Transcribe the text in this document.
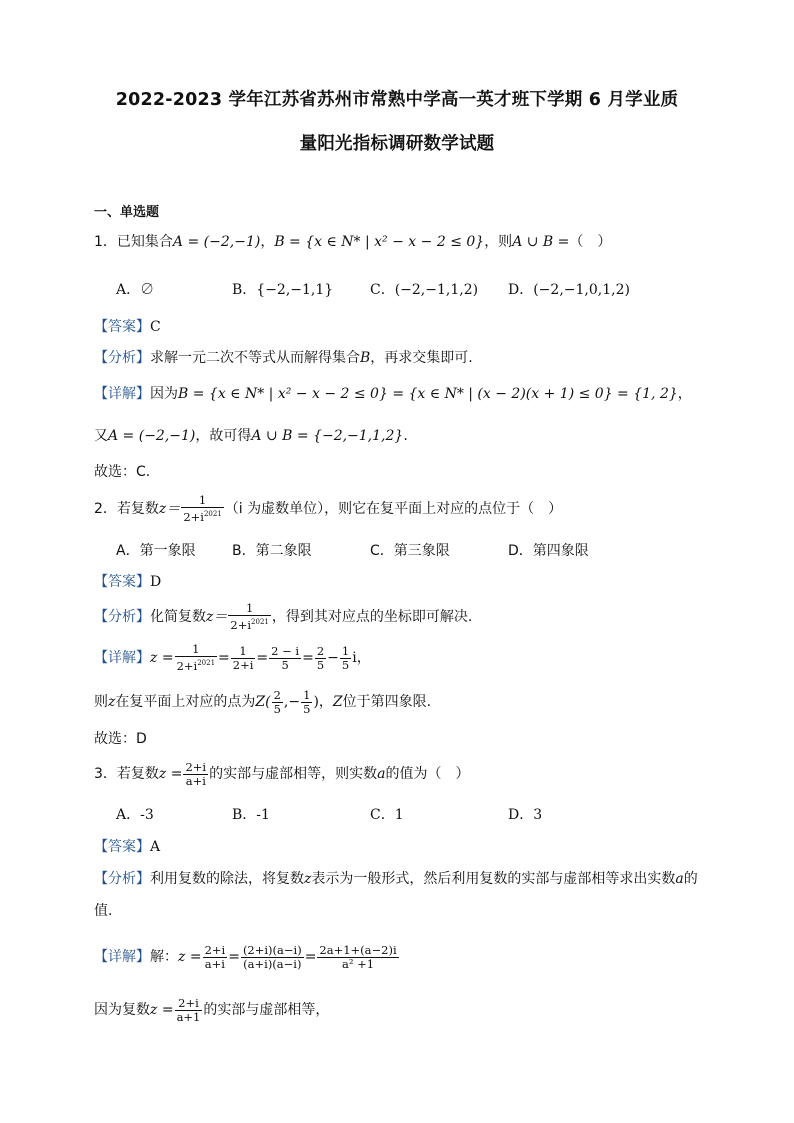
2022-2023 学年江苏省苏州市常熟中学高一英才班下学期 6 月学业质
量阳光指标调研数学试题
一、单选题
1．已知集合A = (−2,−1)，B = {x ∈ N* | x² − x − 2 ≤ 0}，则A ∪ B =（　）
A．∅	B．{−2,−1,1}	C．(−2,−1,1,2) D．(−2,−1,0,1,2)
【答案】C
【分析】求解一元二次不等式从而解得集合B，再求交集即可.
【详解】因为B = {x ∈ N* | x² − x − 2 ≤ 0} = {x ∈ N* | (x − 2)(x + 1) ≤ 0} = {1, 2}，
又A = (−2,−1)，故可得A ∪ B = {−2,−1,1,2}.
故选：C.
2．若复数$z= \frac{1}{2+i^{2021}} (i$ 为虚数单位），则它在复平面上对应的点位于（　）
A．第一象限	B．第二象限	C．第三象限	D．第四象限
【答案】D
【分析】化简复数$z= \frac{1}{2+i^{2021}}$ ，得到其对应点的坐标即可解决.
【详解】$z = \frac{1}{2+i^{2021}} = \frac{1}{2+i} = \frac{2 - i}{5} = \frac{2}{5} - \frac{1}{5}$ i，
则z在复平面上对应的点为$Z( \frac{2}{5}$ ,− $\frac{1}{5}$ )，Z位于第四象限.
故选：D
3．若复数$z = \frac{2+i}{a+i}$ 的实部与虚部相等，则实数a的值为（　）
A．-3	B．-1	C．1	D．3
【答案】A
【分析】利用复数的除法，将复数z表示为一般形式，然后利用复数的实部与虚部相等求出实数a的
值.
【详解】解：$z = \frac{2+i}{a+i} = \frac{(2+i)(a-i)}{(a+i)(a-i)} = \frac{2a+1+(a-2)i}{\text{a² +1}}$
因为复数$z = \frac{2+i}{a+1}$ 的实部与虚部相等，
